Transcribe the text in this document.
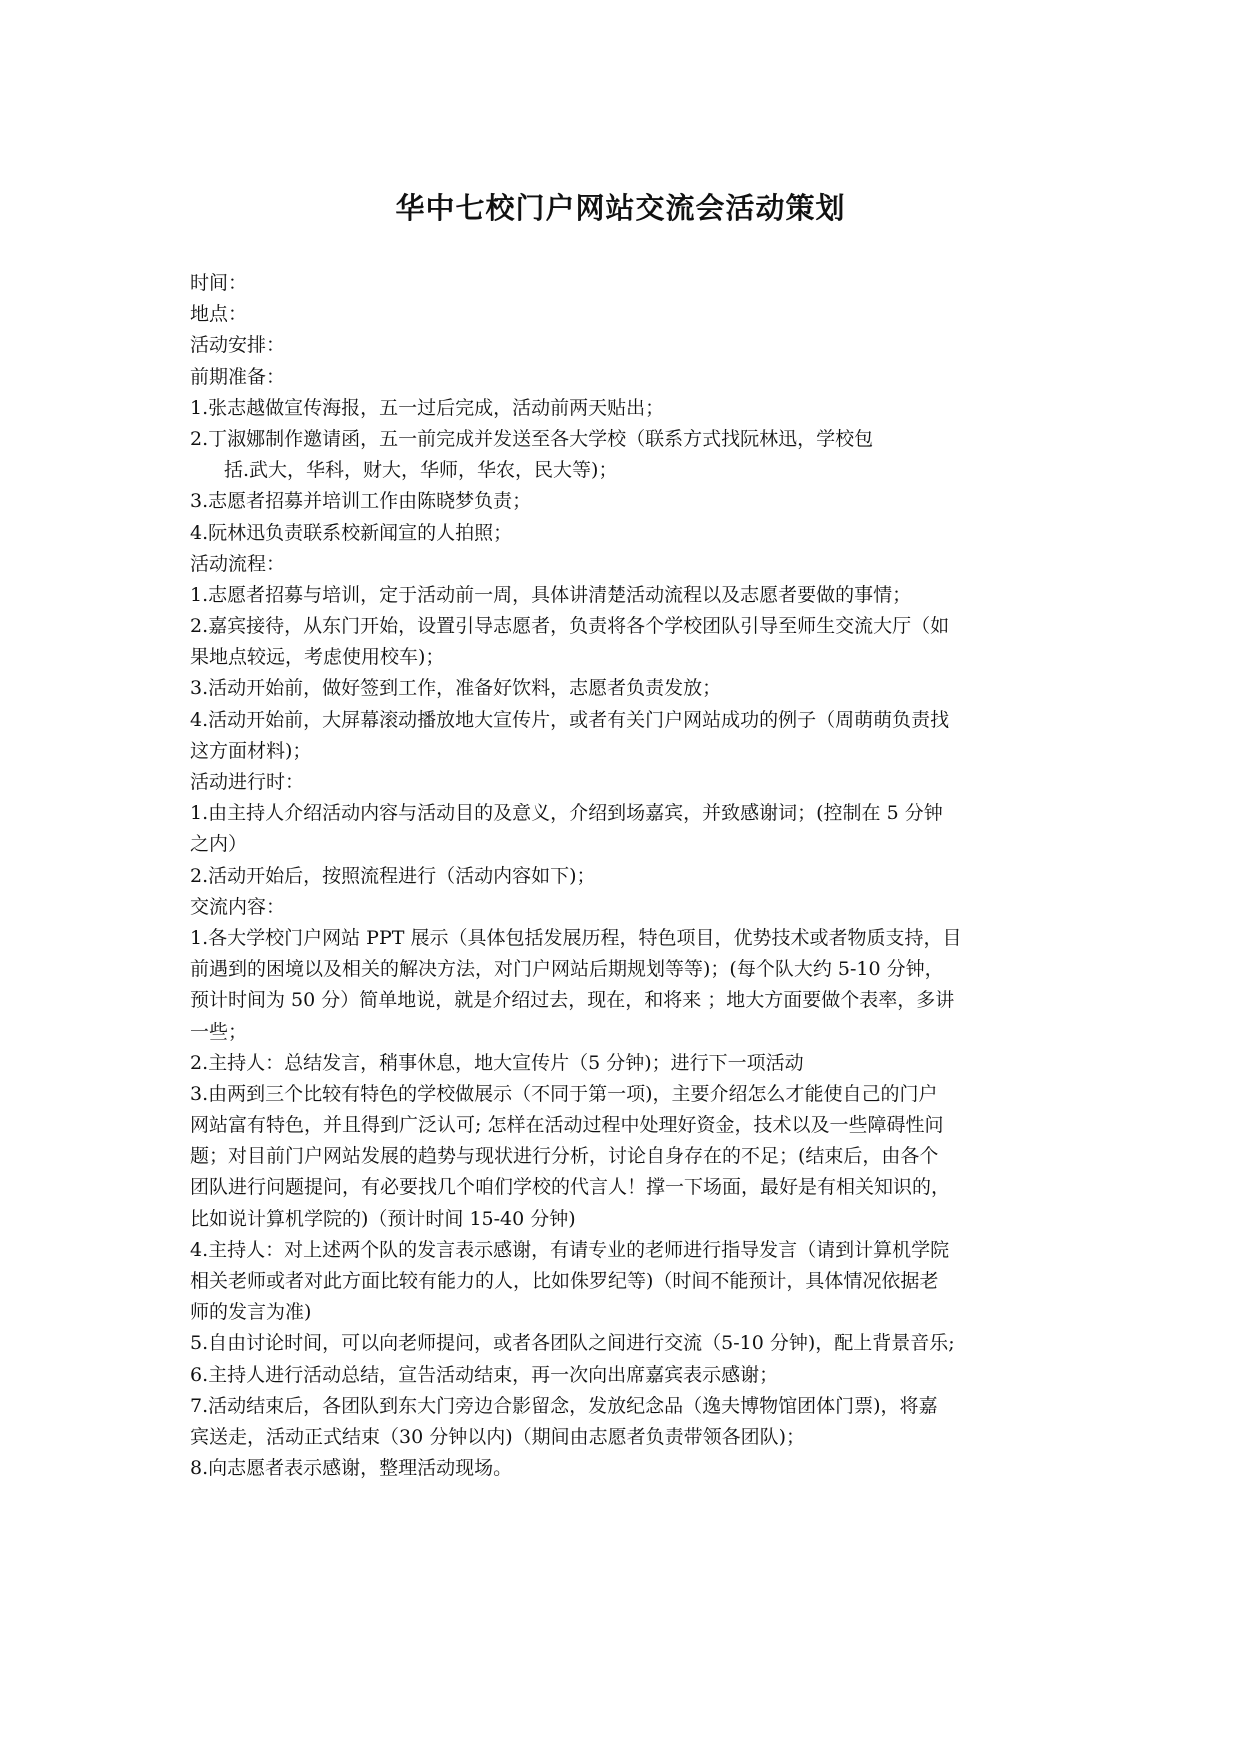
华中七校门户网站交流会活动策划
时间：
地点：
活动安排：
前期准备：
1.张志越做宣传海报，五一过后完成，活动前两天贴出；
2.丁淑娜制作邀请函，五一前完成并发送至各大学校（联系方式找阮林迅，学校包
括.武大，华科，财大，华师，华农，民大等)；
3.志愿者招募并培训工作由陈晓梦负责；
4.阮林迅负责联系校新闻宣的人拍照；
活动流程：
1.志愿者招募与培训，定于活动前一周，具体讲清楚活动流程以及志愿者要做的事情；
2.嘉宾接待，从东门开始，设置引导志愿者，负责将各个学校团队引导至师生交流大厅（如
果地点较远，考虑使用校车)；
3.活动开始前，做好签到工作，准备好饮料，志愿者负责发放；
4.活动开始前，大屏幕滚动播放地大宣传片，或者有关门户网站成功的例子（周萌萌负责找
这方面材料)；
活动进行时：
1.由主持人介绍活动内容与活动目的及意义，介绍到场嘉宾，并致感谢词；(控制在 5 分钟
之内）
2.活动开始后，按照流程进行（活动内容如下)；
交流内容：
1.各大学校门户网站 PPT 展示（具体包括发展历程，特色项目，优势技术或者物质支持，目
前遇到的困境以及相关的解决方法，对门户网站后期规划等等)；(每个队大约 5-10 分钟，
预计时间为 50 分）简单地说，就是介绍过去，现在，和将来 ；地大方面要做个表率，多讲
一些；
2.主持人：总结发言，稍事休息，地大宣传片（5 分钟)；进行下一项活动
3.由两到三个比较有特色的学校做展示（不同于第一项)，主要介绍怎么才能使自己的门户
网站富有特色，并且得到广泛认可; 怎样在活动过程中处理好资金，技术以及一些障碍性问
题；对目前门户网站发展的趋势与现状进行分析，讨论自身存在的不足；(结束后，由各个
团队进行问题提问，有必要找几个咱们学校的代言人！撑一下场面，最好是有相关知识的，
比如说计算机学院的)（预计时间 15-40 分钟)
4.主持人：对上述两个队的发言表示感谢，有请专业的老师进行指导发言（请到计算机学院
相关老师或者对此方面比较有能力的人，比如侏罗纪等)（时间不能预计，具体情况依据老
师的发言为准)
5.自由讨论时间，可以向老师提问，或者各团队之间进行交流（5-10 分钟)，配上背景音乐;
6.主持人进行活动总结，宣告活动结束，再一次向出席嘉宾表示感谢；
7.活动结束后，各团队到东大门旁边合影留念，发放纪念品（逸夫博物馆团体门票)，将嘉
宾送走，活动正式结束（30 分钟以内)（期间由志愿者负责带领各团队)；
8.向志愿者表示感谢，整理活动现场。
